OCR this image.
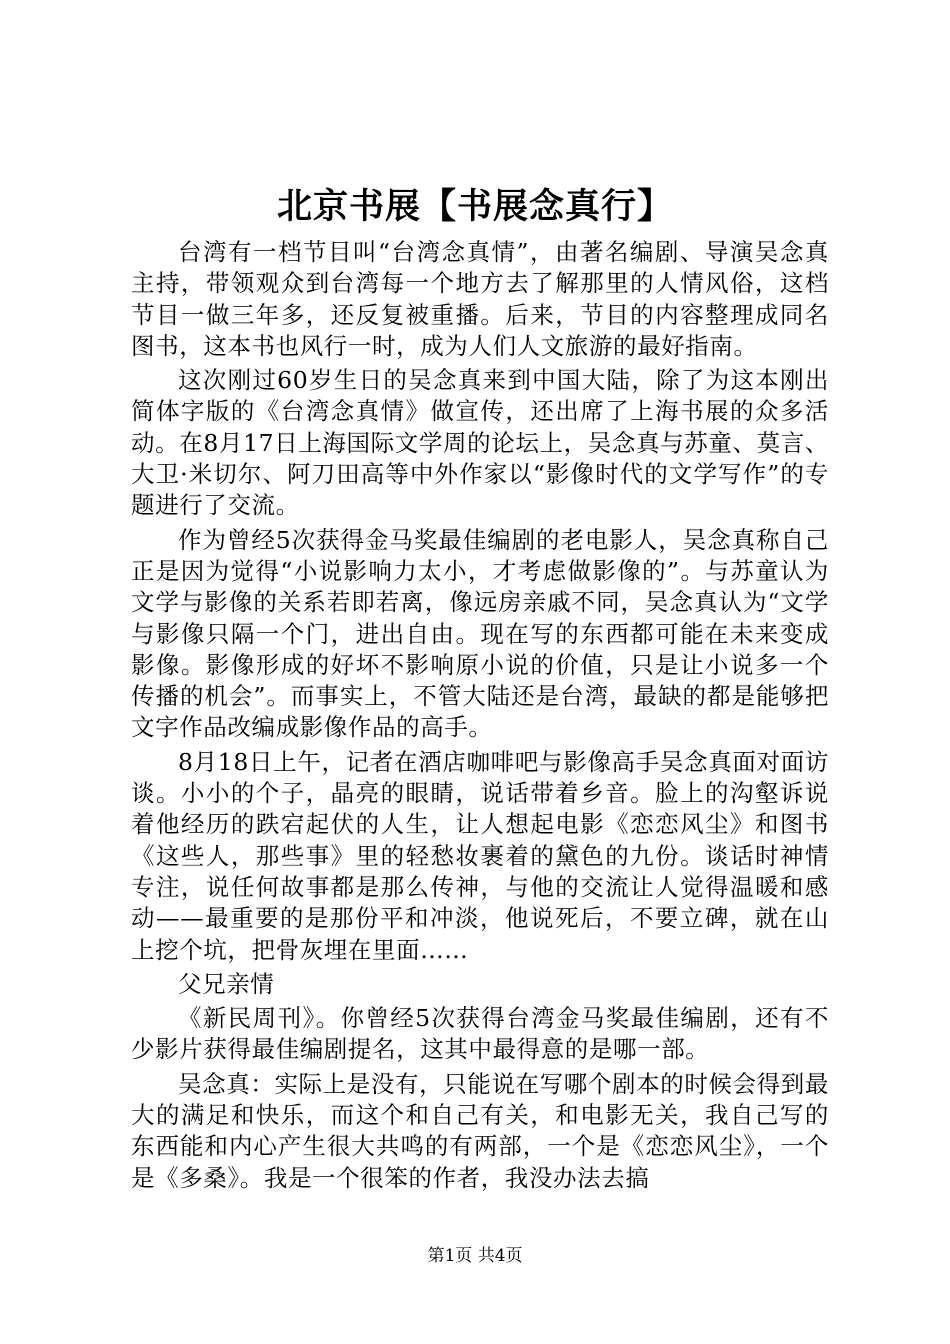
北京书展【书展念真行】

台湾有一档节目叫“台湾念真情”，由著名编剧、导演吴念真主持，带领观众到台湾每一个地方去了解那里的人情风俗，这档节目一做三年多，还反复被重播。后来，节目的内容整理成同名图书，这本书也风行一时，成为人们人文旅游的最好指南。

这次刚过60岁生日的吴念真来到中国大陆，除了为这本刚出简体字版的《台湾念真情》做宣传，还出席了上海书展的众多活动。在8月17日上海国际文学周的论坛上，吴念真与苏童、莫言、大卫·米切尔、阿刀田高等中外作家以“影像时代的文学写作”的专题进行了交流。

作为曾经5次获得金马奖最佳编剧的老电影人，吴念真称自己正是因为觉得“小说影响力太小，才考虑做影像的”。与苏童认为文学与影像的关系若即若离，像远房亲戚不同，吴念真认为“文学与影像只隔一个门，进出自由。现在写的东西都可能在未来变成影像。影像形成的好坏不影响原小说的价值，只是让小说多一个传播的机会”。而事实上，不管大陆还是台湾，最缺的都是能够把文字作品改编成影像作品的高手。

8月18日上午，记者在酒店咖啡吧与影像高手吴念真面对面访谈。小小的个子，晶亮的眼睛，说话带着乡音。脸上的沟壑诉说着他经历的跌宕起伏的人生，让人想起电影《恋恋风尘》和图书《这些人，那些事》里的轻愁妆裹着的黛色的九份。谈话时神情专注，说任何故事都是那么传神，与他的交流让人觉得温暖和感动——最重要的是那份平和冲淡，他说死后，不要立碑，就在山上挖个坑，把骨灰埋在里面……

父兄亲情

《新民周刊》。你曾经5次获得台湾金马奖最佳编剧，还有不少影片获得最佳编剧提名，这其中最得意的是哪一部。

吴念真：实际上是没有，只能说在写哪个剧本的时候会得到最大的满足和快乐，而这个和自己有关，和电影无关，我自己写的东西能和内心产生很大共鸣的有两部，一个是《恋恋风尘》，一个是《多桑》。我是一个很笨的作者，我没办法去搞

第1页 共4页
